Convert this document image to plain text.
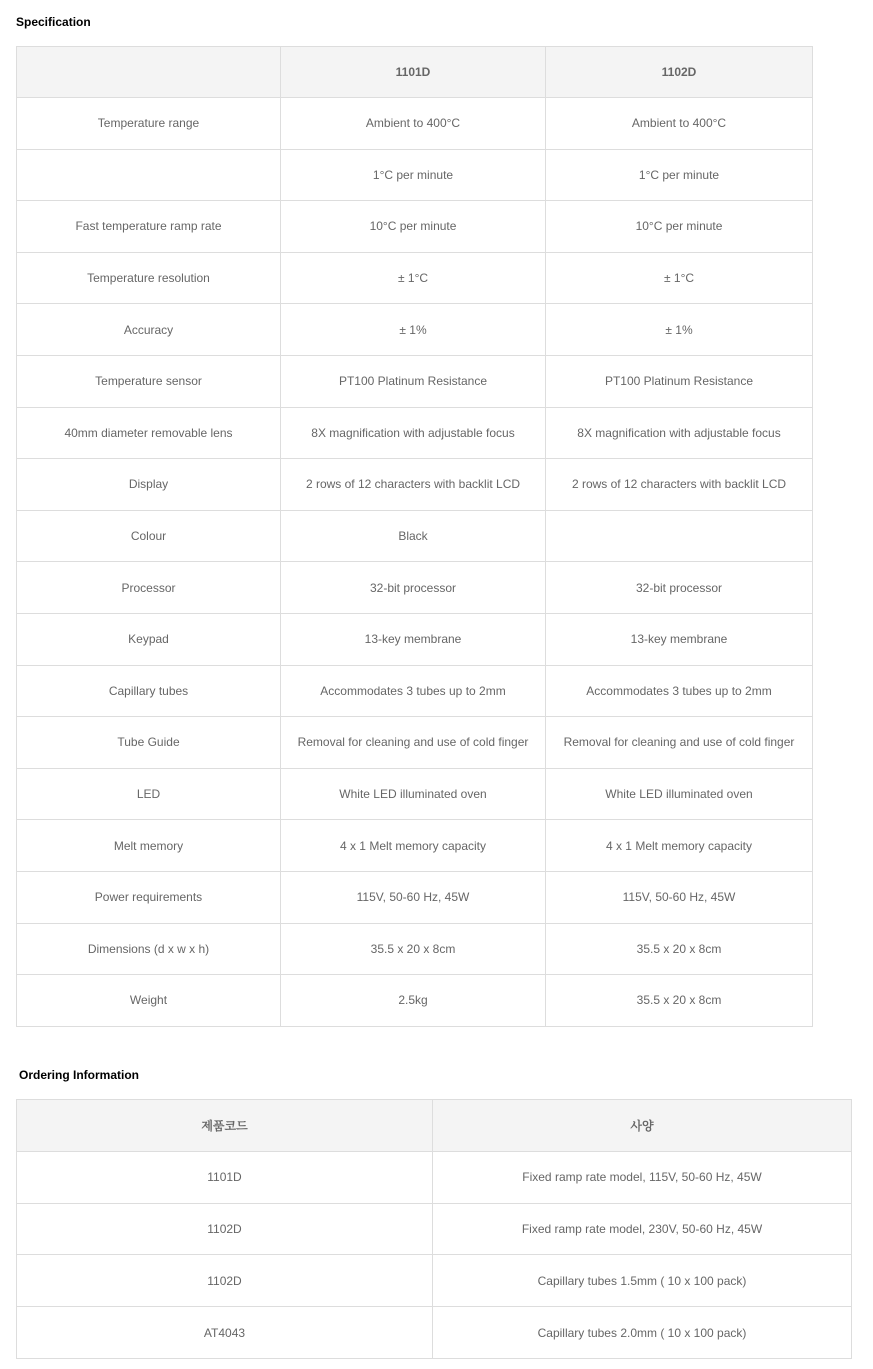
Specification
	1101D	1102D
Temperature range	Ambient to 400°C	Ambient to 400°C
	1°C per minute	1°C per minute
Fast temperature ramp rate	10°C per minute	10°C per minute
Temperature resolution	± 1°C	± 1°C
Accuracy	± 1%	± 1%
Temperature sensor	PT100 Platinum Resistance	PT100 Platinum Resistance
40mm diameter removable lens	8X magnification with adjustable focus	8X magnification with adjustable focus
Display	2 rows of 12 characters with backlit LCD	2 rows of 12 characters with backlit LCD
Colour	Black	
Processor	32-bit processor	32-bit processor
Keypad	13-key membrane	13-key membrane
Capillary tubes	Accommodates 3 tubes up to 2mm	Accommodates 3 tubes up to 2mm
Tube Guide	Removal for cleaning and use of cold finger	Removal for cleaning and use of cold finger
LED	White LED illuminated oven	White LED illuminated oven
Melt memory	4 x 1 Melt memory capacity	4 x 1 Melt memory capacity
Power requirements	115V, 50-60 Hz, 45W	115V, 50-60 Hz, 45W
Dimensions (d x w x h)	35.5 x 20 x 8cm	35.5 x 20 x 8cm
Weight	2.5kg	35.5 x 20 x 8cm
Ordering Information
제품코드	사양
1101D	Fixed ramp rate model, 115V, 50-60 Hz, 45W
1102D	Fixed ramp rate model, 230V, 50-60 Hz, 45W
1102D	Capillary tubes 1.5mm ( 10 x 100 pack)
AT4043	Capillary tubes 2.0mm ( 10 x 100 pack)
